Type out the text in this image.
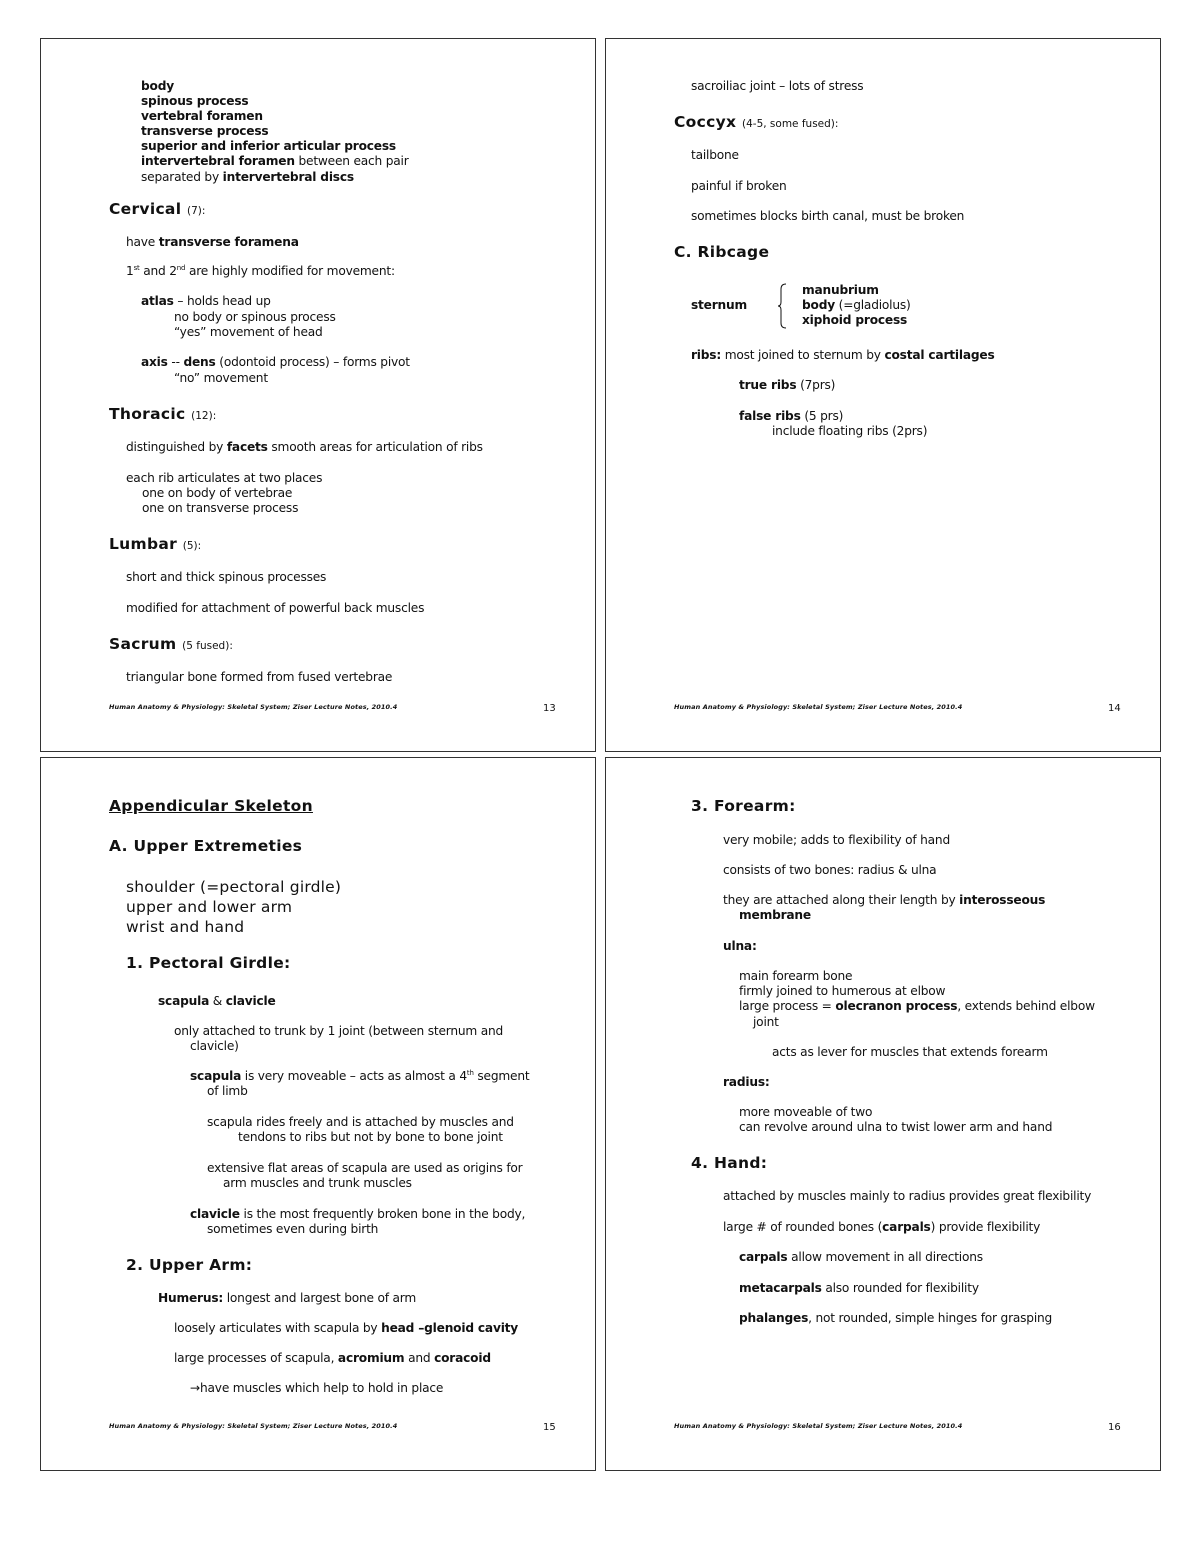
body
spinous process
vertebral foramen
transverse process
superior and inferior articular process
intervertebral foramen between each pair
separated by intervertebral discs
Cervical (7):
have transverse foramena
1st and 2nd are highly modified for movement:
atlas – holds head up
no body or spinous process
“yes” movement of head
axis -- dens (odontoid process) – forms pivot
“no” movement
Thoracic (12):
distinguished by facets smooth areas for articulation of ribs
each rib articulates at two places
one on body of vertebrae
one on transverse process
Lumbar (5):
short and thick spinous processes
modified for attachment of powerful back muscles
Sacrum (5 fused):
triangular bone formed from fused vertebrae
Human Anatomy & Physiology: Skeletal System; Ziser Lecture Notes, 2010.4	13
sacroiliac joint – lots of stress
Coccyx (4-5, some fused):
tailbone
painful if broken
sometimes blocks birth canal, must be broken
C. Ribcage
sternum
manubrium
body (=gladiolus)
xiphoid process
ribs: most joined to sternum by costal cartilages
true ribs (7prs)
false ribs (5 prs)
include floating ribs (2prs)
Human Anatomy & Physiology: Skeletal System; Ziser Lecture Notes, 2010.4	14
Appendicular Skeleton
A. Upper Extremeties
shoulder (=pectoral girdle)
upper and lower arm
wrist and hand
1. Pectoral Girdle:
scapula & clavicle
only attached to trunk by 1 joint (between sternum and
clavicle)
scapula is very moveable – acts as almost a 4th segment
of limb
scapula rides freely and is attached by muscles and
tendons to ribs but not by bone to bone joint
extensive flat areas of scapula are used as origins for
arm muscles and trunk muscles
clavicle is the most frequently broken bone in the body,
sometimes even during birth
2. Upper Arm:
Humerus: longest and largest bone of arm
loosely articulates with scapula by head –glenoid cavity
large processes of scapula, acromium and coracoid
→have muscles which help to hold in place
Human Anatomy & Physiology: Skeletal System; Ziser Lecture Notes, 2010.4	15
3. Forearm:
very mobile; adds to flexibility of hand
consists of two bones: radius & ulna
they are attached along their length by interosseous
membrane
ulna:
main forearm bone
firmly joined to humerous at elbow
large process = olecranon process, extends behind elbow
joint
acts as lever for muscles that extends forearm
radius:
more moveable of two
can revolve around ulna to twist lower arm and hand
4. Hand:
attached by muscles mainly to radius provides great flexibility
large # of rounded bones (carpals) provide flexibility
carpals allow movement in all directions
metacarpals also rounded for flexibility
phalanges, not rounded, simple hinges for grasping
Human Anatomy & Physiology: Skeletal System; Ziser Lecture Notes, 2010.4	16
